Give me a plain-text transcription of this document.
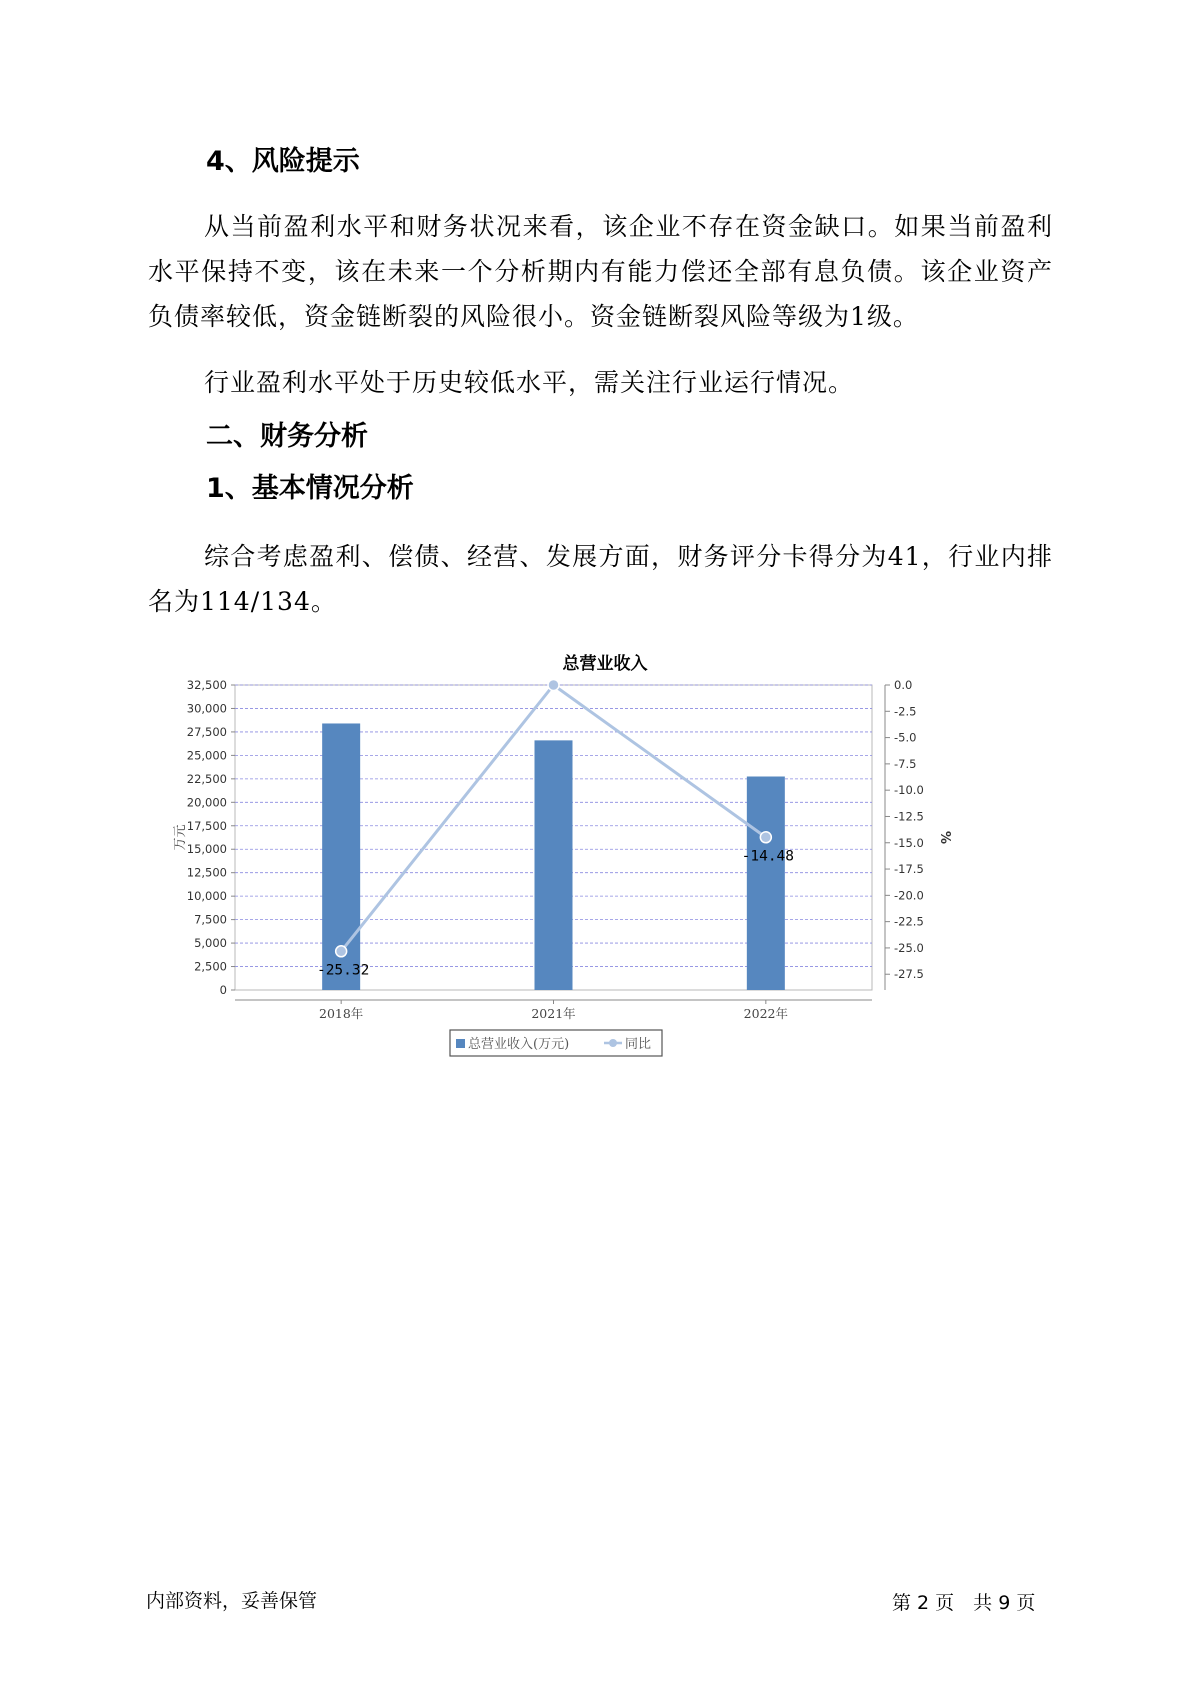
4、风险提示

从当前盈利水平和财务状况来看，该企业不存在资金缺口。如果当前盈利水平保持不变，该在未来一个分析期内有能力偿还全部有息负债。该企业资产负债率较低，资金链断裂的风险很小。资金链断裂风险等级为1级。

行业盈利水平处于历史较低水平，需关注行业运行情况。

二、财务分析
1、基本情况分析

综合考虑盈利、偿债、经营、发展方面，财务评分卡得分为41，行业内排名为114/134。

总营业收入
0
2,500
5,000
7,500
10,000
12,500
15,000
17,500
20,000
22,500
25,000
27,500
30,000
32,500	0.0
-2.5
-5.0
-7.5
-10.0
-12.5
-15.0
-17.5
-20.0
-22.5
-25.0
-27.5
2018年	2021年	2022年
万元	%
-25.32
-14.48
总营业收入(万元)	同比
内部资料，妥善保管	第 2 页　共 9 页
